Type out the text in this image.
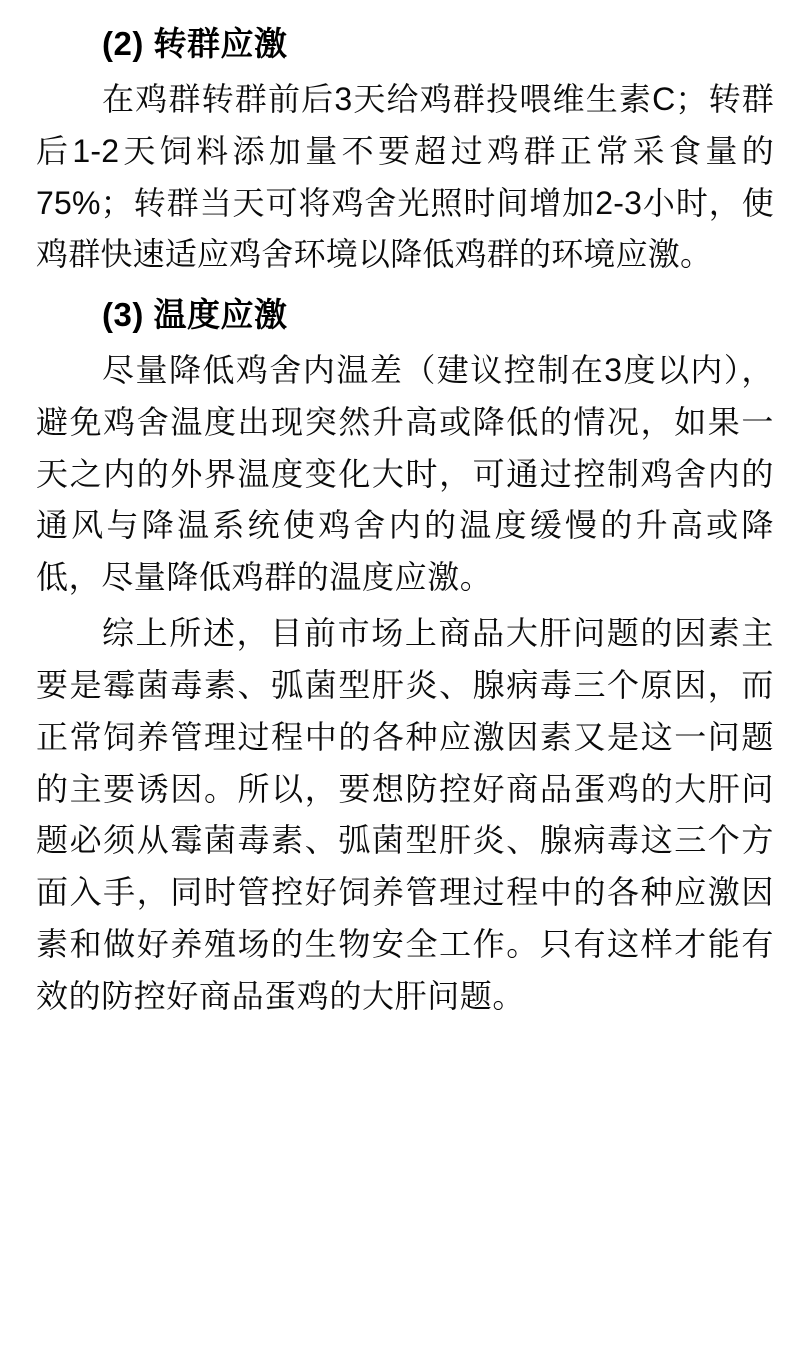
(2) 转群应激

在鸡群转群前后3天给鸡群投喂维生素C；转群后1-2天饲料添加量不要超过鸡群正常采食量的75%；转群当天可将鸡舍光照时间增加2-3小时，使鸡群快速适应鸡舍环境以降低鸡群的环境应激。

(3) 温度应激

尽量降低鸡舍内温差（建议控制在3度以内），避免鸡舍温度出现突然升高或降低的情况，如果一天之内的外界温度变化大时，可通过控制鸡舍内的通风与降温系统使鸡舍内的温度缓慢的升高或降低，尽量降低鸡群的温度应激。

综上所述，目前市场上商品大肝问题的因素主要是霉菌毒素、弧菌型肝炎、腺病毒三个原因，而正常饲养管理过程中的各种应激因素又是这一问题的主要诱因。所以，要想防控好商品蛋鸡的大肝问题必须从霉菌毒素、弧菌型肝炎、腺病毒这三个方面入手，同时管控好饲养管理过程中的各种应激因素和做好养殖场的生物安全工作。只有这样才能有效的防控好商品蛋鸡的大肝问题。
